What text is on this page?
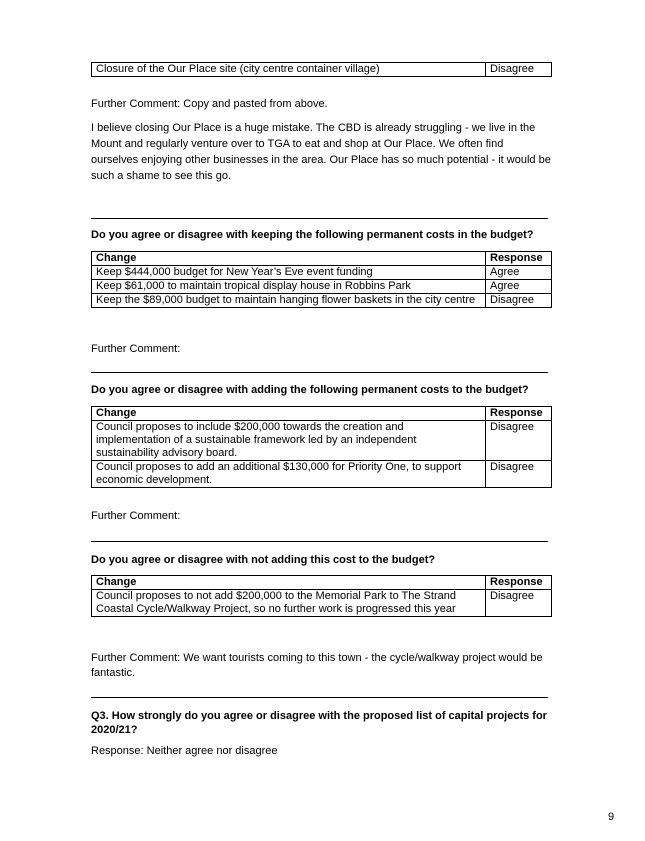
Closure of the Our Place site (city centre container village)	Disagree

Further Comment: Copy and pasted from above.

I believe closing Our Place is a huge mistake. The CBD is already struggling - we live in the Mount and regularly venture over to TGA to eat and shop at Our Place. We often find ourselves enjoying other businesses in the area. Our Place has so much potential - it would be such a shame to see this go.

Do you agree or disagree with keeping the following permanent costs in the budget?

Change	Response
Keep $444,000 budget for New Year’s Eve event funding	Agree
Keep $61,000 to maintain tropical display house in Robbins Park	Agree
Keep the $89,000 budget to maintain hanging flower baskets in the city centre	Disagree

Further Comment:

Do you agree or disagree with adding the following permanent costs to the budget?

Change	Response
Council proposes to include $200,000 towards the creation and implementation of a sustainable framework led by an independent sustainability advisory board.	Disagree
Council proposes to add an additional $130,000 for Priority One, to support economic development.	Disagree

Further Comment:

Do you agree or disagree with not adding this cost to the budget?

Change	Response
Council proposes to not add $200,000 to the Memorial Park to The Strand Coastal Cycle/Walkway Project, so no further work is progressed this year	Disagree

Further Comment: We want tourists coming to this town - the cycle/walkway project would be fantastic.

Q3. How strongly do you agree or disagree with the proposed list of capital projects for 2020/21?

Response: Neither agree nor disagree

9
